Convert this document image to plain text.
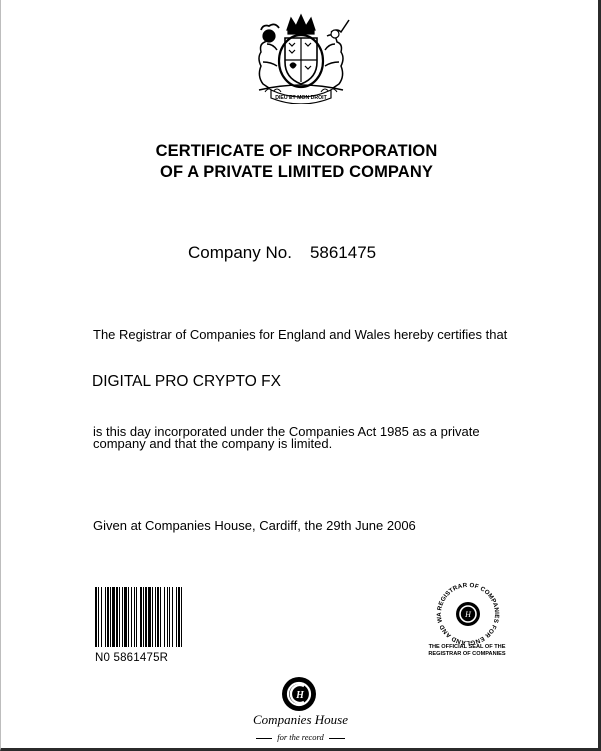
DIEU ET MON DROIT
CERTIFICATE OF INCORPORATION
OF A PRIVATE LIMITED COMPANY
Company No. 5861475
The Registrar of Companies for England and Wales hereby certifies that
DIGITAL PRO CRYPTO FX
is this day incorporated under the Companies Act 1985 as a private
company and that the company is limited.
Given at Companies House, Cardiff, the 29th June 2006
N0 5861475R
REGISTRAR OF COMPANIES FOR ENGLAND AND WA	H
THE OFFICIAL SEAL OF THE
REGISTRAR OF COMPANIES
H
Companies House
for the record
